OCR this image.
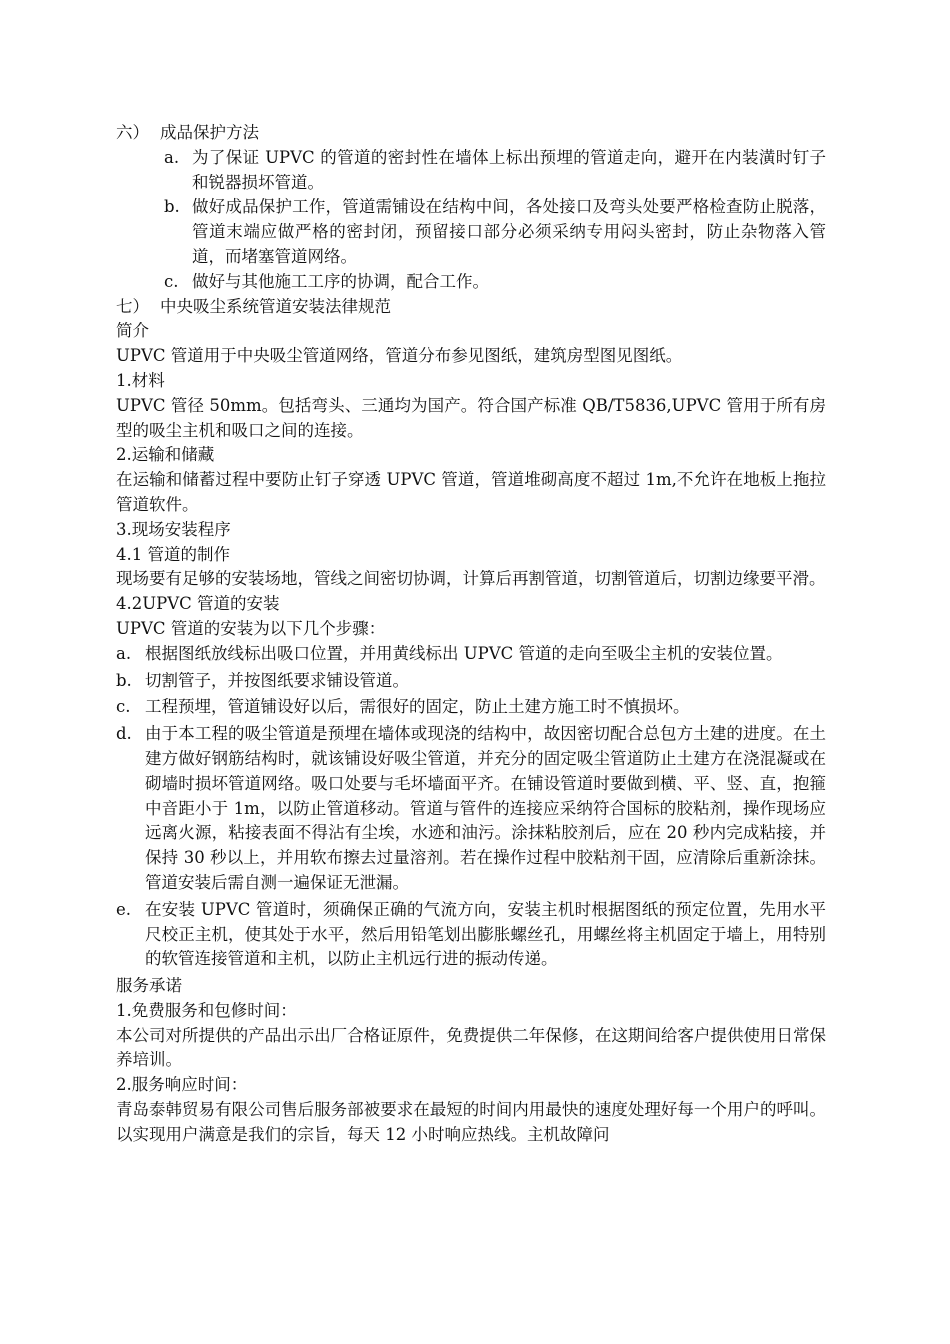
六） 成品保护方法

a. 为了保证 UPVC 的管道的密封性在墙体上标出预埋的管道走向，避开在内装潢时钉子和锐器损坏管道。
b. 做好成品保护工作，管道需铺设在结构中间，各处接口及弯头处要严格检查防止脱落，管道末端应做严格的密封闭，预留接口部分必须采纳专用闷头密封，防止杂物落入管道，而堵塞管道网络。
c. 做好与其他施工工序的协调，配合工作。

七） 中央吸尘系统管道安装法律规范

简介

UPVC 管道用于中央吸尘管道网络，管道分布参见图纸，建筑房型图见图纸。

1.材料

UPVC 管径 50mm。包括弯头、三通均为国产。符合国产标准 QB/T5836,UPVC 管用于所有房型的吸尘主机和吸口之间的连接。

2.运输和储藏

在运输和储蓄过程中要防止钉子穿透 UPVC 管道，管道堆砌高度不超过 1m,不允许在地板上拖拉管道软件。

3.现场安装程序

4.1 管道的制作

现场要有足够的安装场地，管线之间密切协调，计算后再割管道，切割管道后，切割边缘要平滑。

4.2UPVC 管道的安装

UPVC 管道的安装为以下几个步骤：

a. 根据图纸放线标出吸口位置，并用黄线标出 UPVC 管道的走向至吸尘主机的安装位置。
b. 切割管子，并按图纸要求铺设管道。
c. 工程预埋，管道铺设好以后，需很好的固定，防止土建方施工时不慎损坏。
d. 由于本工程的吸尘管道是预埋在墙体或现浇的结构中，故因密切配合总包方土建的进度。在土建方做好钢筋结构时，就该铺设好吸尘管道，并充分的固定吸尘管道防止土建方在浇混凝或在砌墙时损坏管道网络。吸口处要与毛坏墙面平齐。在铺设管道时要做到横、平、竖、直，抱箍中音距小于 1m，以防止管道移动。管道与管件的连接应采纳符合国标的胶粘剂，操作现场应远离火源，粘接表面不得沾有尘埃，水迹和油污。涂抹粘胶剂后，应在 20 秒内完成粘接，并保持 30 秒以上，并用软布擦去过量溶剂。若在操作过程中胶粘剂干固，应清除后重新涂抹。管道安装后需自测一遍保证无泄漏。
e. 在安装 UPVC 管道时，须确保正确的气流方向，安装主机时根据图纸的预定位置，先用水平尺校正主机，使其处于水平，然后用铅笔划出膨胀螺丝孔，用螺丝将主机固定于墙上，用特别的软管连接管道和主机，以防止主机远行进的振动传递。

服务承诺

1.免费服务和包修时间：

本公司对所提供的产品出示出厂合格证原件，免费提供二年保修，在这期间给客户提供使用日常保养培训。

2.服务响应时间：

青岛泰韩贸易有限公司售后服务部被要求在最短的时间内用最快的速度处理好每一个用户的呼叫。以实现用户满意是我们的宗旨，每天 12 小时响应热线。主机故障问
